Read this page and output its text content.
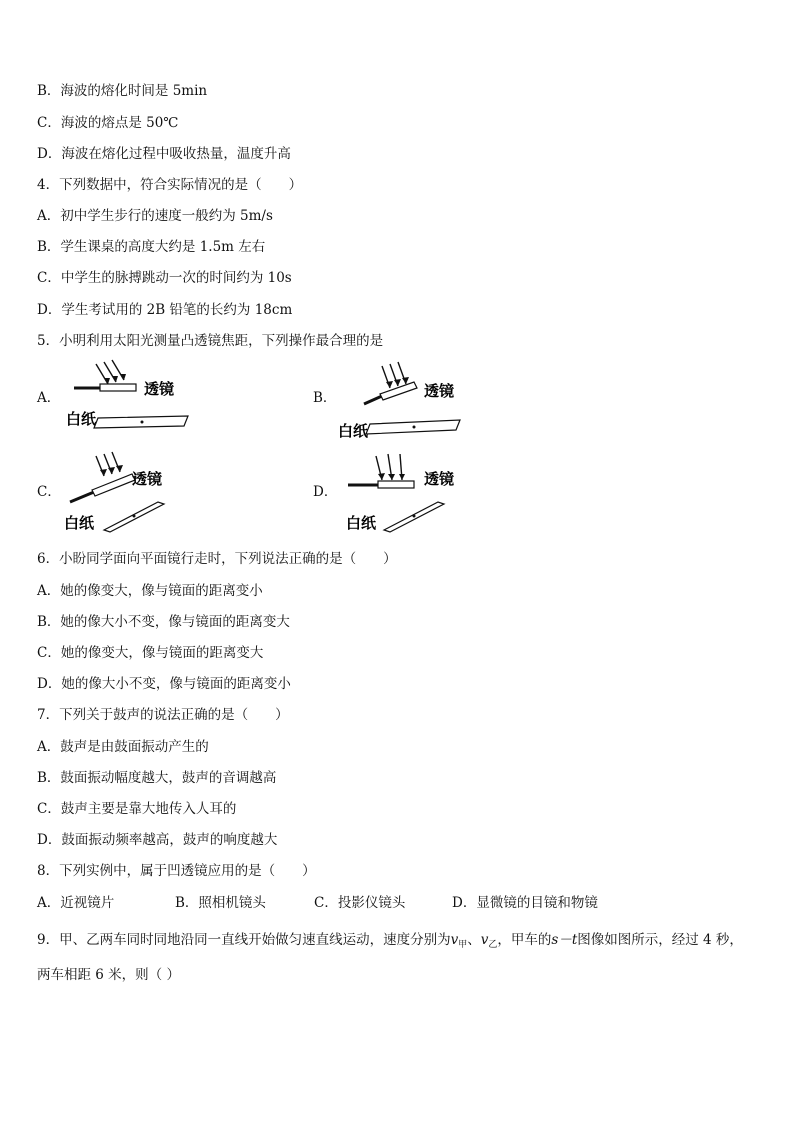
B．海波的熔化时间是 5min
C．海波的熔点是 50℃
D．海波在熔化过程中吸收热量，温度升高
4．下列数据中，符合实际情况的是（　　）
A．初中学生步行的速度一般约为 5m/s
B．学生课桌的高度大约是 1.5m 左右
C．中学生的脉搏跳动一次的时间约为 10s
D．学生考试用的 2B 铅笔的长约为 18cm
5．小明利用太阳光测量凸透镜焦距，下列操作最合理的是
A．	B．
C．	D．
透镜
白纸
透镜
白纸
透镜
白纸
透镜
白纸
6．小盼同学面向平面镜行走时，下列说法正确的是（　　）
A．她的像变大，像与镜面的距离变小
B．她的像大小不变，像与镜面的距离变大
C．她的像变大，像与镜面的距离变大
D．她的像大小不变，像与镜面的距离变小
7．下列关于鼓声的说法正确的是（　　）
A．鼓声是由鼓面振动产生的
B．鼓面振动幅度越大，鼓声的音调越高
C．鼓声主要是靠大地传入人耳的
D．鼓面振动频率越高，鼓声的响度越大
8．下列实例中，属于凹透镜应用的是（　　）
A．近视镜片	B．照相机镜头	C．投影仪镜头	D．显微镜的目镜和物镜
9．甲、乙两车同时同地沿同一直线开始做匀速直线运动，速度分别为$v_甲$、$v_乙$，甲车的s－t图像如图所示，经过 4 秒，
两车相距 6 米，则（ ）
